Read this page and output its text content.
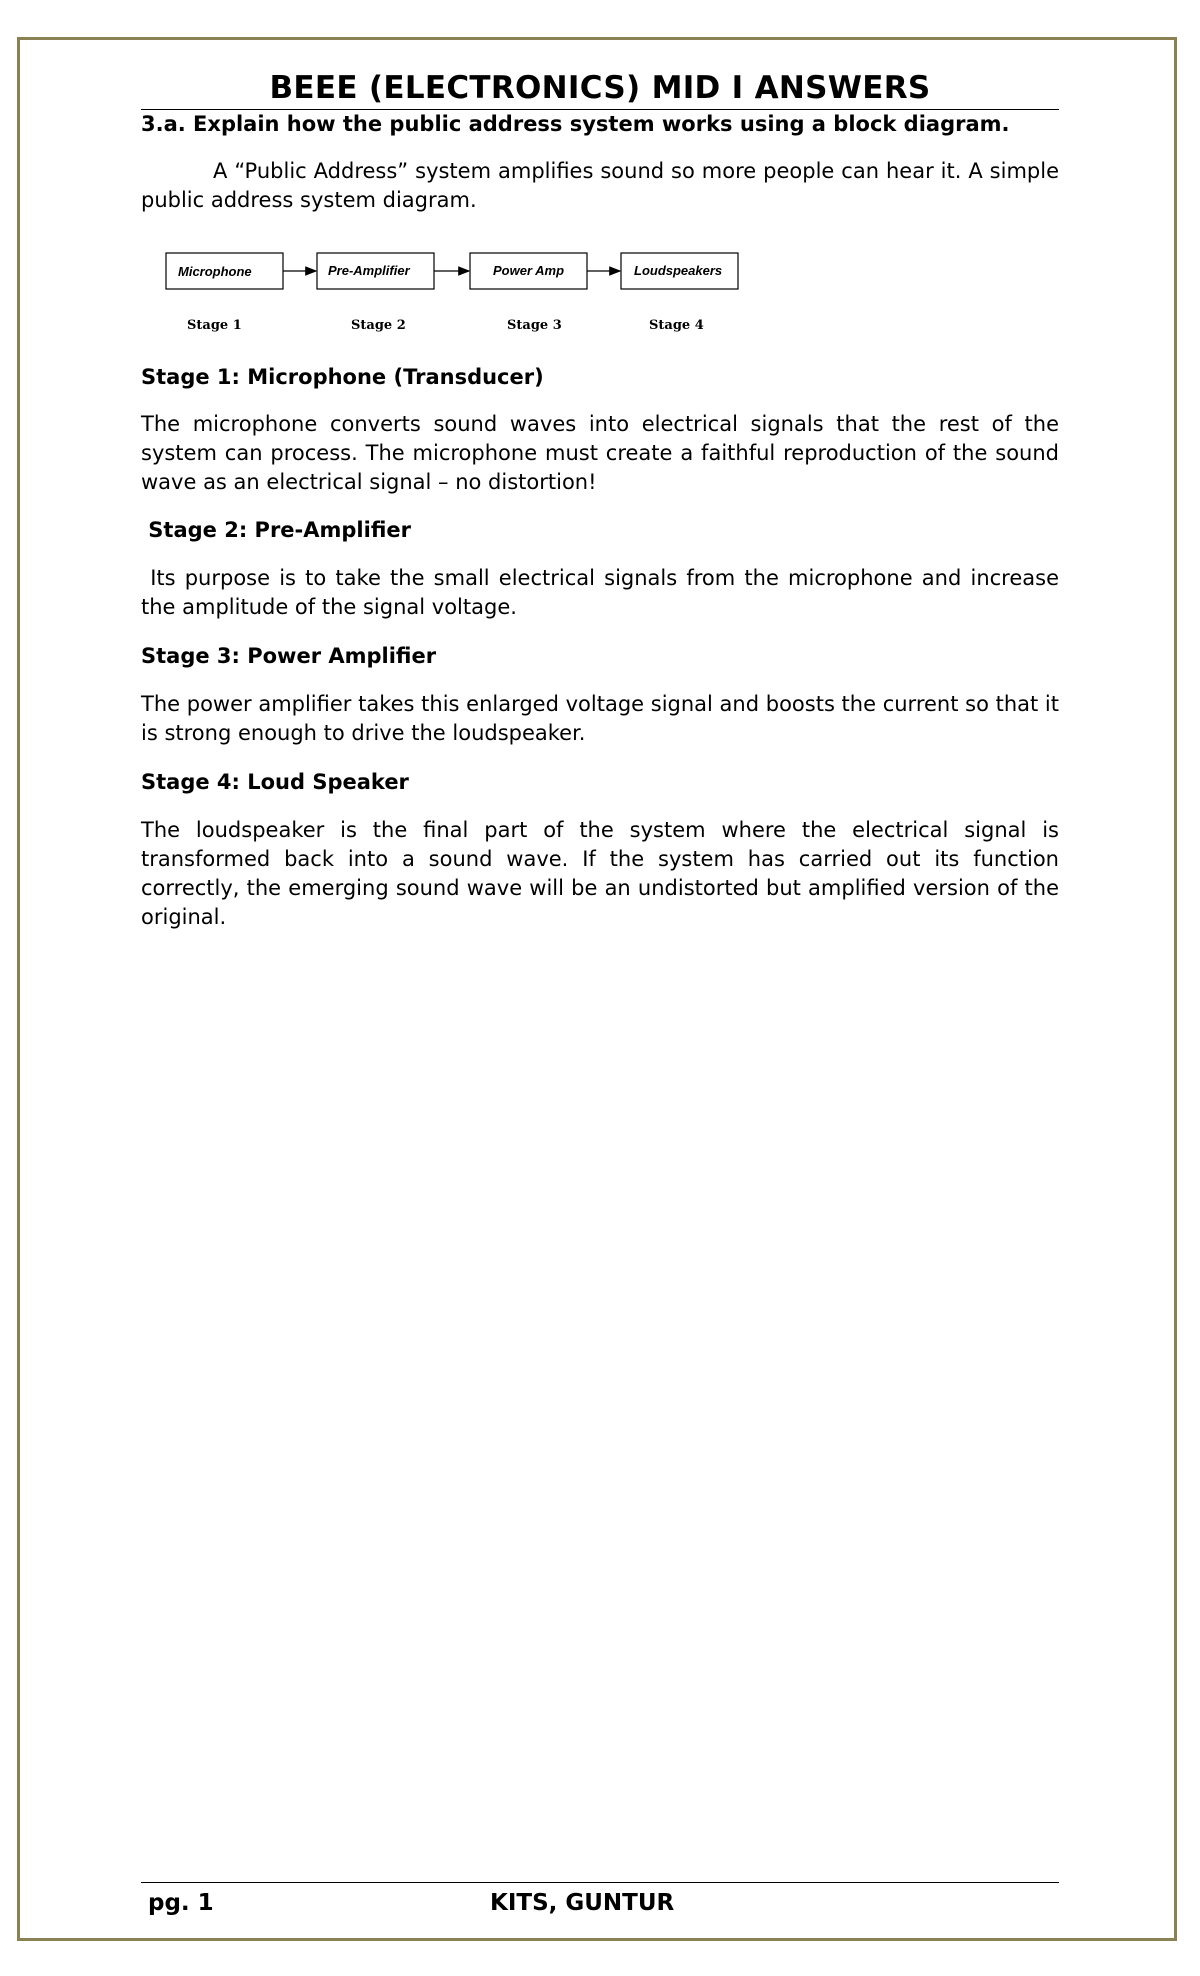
BEEE (ELECTRONICS) MID I ANSWERS
3.a. Explain how the public address system works using a block diagram.
A “Public Address” system amplifies sound so more people can hear it. A simple public address system diagram.
Microphone	Pre-Amplifier	Power Amp	Loudspeakers
Stage 1	Stage 2	Stage 3	Stage 4
Stage 1: Microphone (Transducer)
The microphone converts sound waves into electrical signals that the rest of the system can process. The microphone must create a faithful reproduction of the sound wave as an electrical signal – no distortion!
Stage 2: Pre-Amplifier
Its purpose is to take the small electrical signals from the microphone and increase the amplitude of the signal voltage.
Stage 3: Power Amplifier
The power amplifier takes this enlarged voltage signal and boosts the current so that it is strong enough to drive the loudspeaker.
Stage 4: Loud Speaker
The loudspeaker is the final part of the system where the electrical signal is transformed back into a sound wave. If the system has carried out its function correctly, the emerging sound wave will be an undistorted but amplified version of the original.
pg. 1	KITS, GUNTUR
